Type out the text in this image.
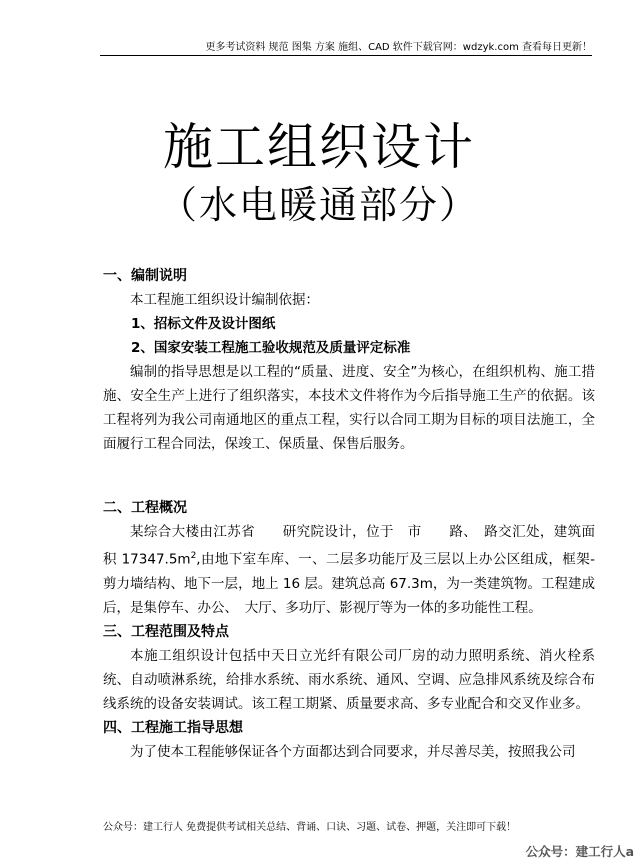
更多考试资料 规范 图集 方案 施组、CAD 软件下载官网：wdzyk.com 查看每日更新！
施工组织设计
（水电暖通部分）
一、编制说明
本工程施工组织设计编制依据：
1、招标文件及设计图纸
2、国家安装工程施工验收规范及质量评定标准
编制的指导思想是以工程的“质量、进度、安全”为核心，在组织机构、施工措施、安全生产上进行了组织落实，本技术文件将作为今后指导施工生产的依据。该工程将列为我公司南通地区的重点工程，实行以合同工期为目标的项目法施工，全面履行工程合同法，保竣工、保质量、保售后服务。
二、工程概况
某综合大楼由江苏省　　研究院设计，位于　市　　路、　路交汇处，建筑面积 $17347.5m^2$,由地下室车库、一、二层多功能厅及三层以上办公区组成，框架-剪力墙结构、地下一层，地上 16 层。建筑总高 67.3m，为一类建筑物。工程建成后，是集停车、办公、　大厅、多功厅、影视厅等为一体的多功能性工程。
三、工程范围及特点
本施工组织设计包括中天日立光纤有限公司厂房的动力照明系统、消火栓系统、自动喷淋系统，给排水系统、雨水系统、通风、空调、应急排风系统及综合布线系统的设备安装调试。该工程工期紧、质量要求高、多专业配合和交叉作业多。
四、工程施工指导思想
为了使本工程能够保证各个方面都达到合同要求，并尽善尽美，按照我公司
公众号：建工行人 免费提供考试相关总结、背诵、口诀、习题、试卷、押题，关注即可下载！
公众号：建工行人a
